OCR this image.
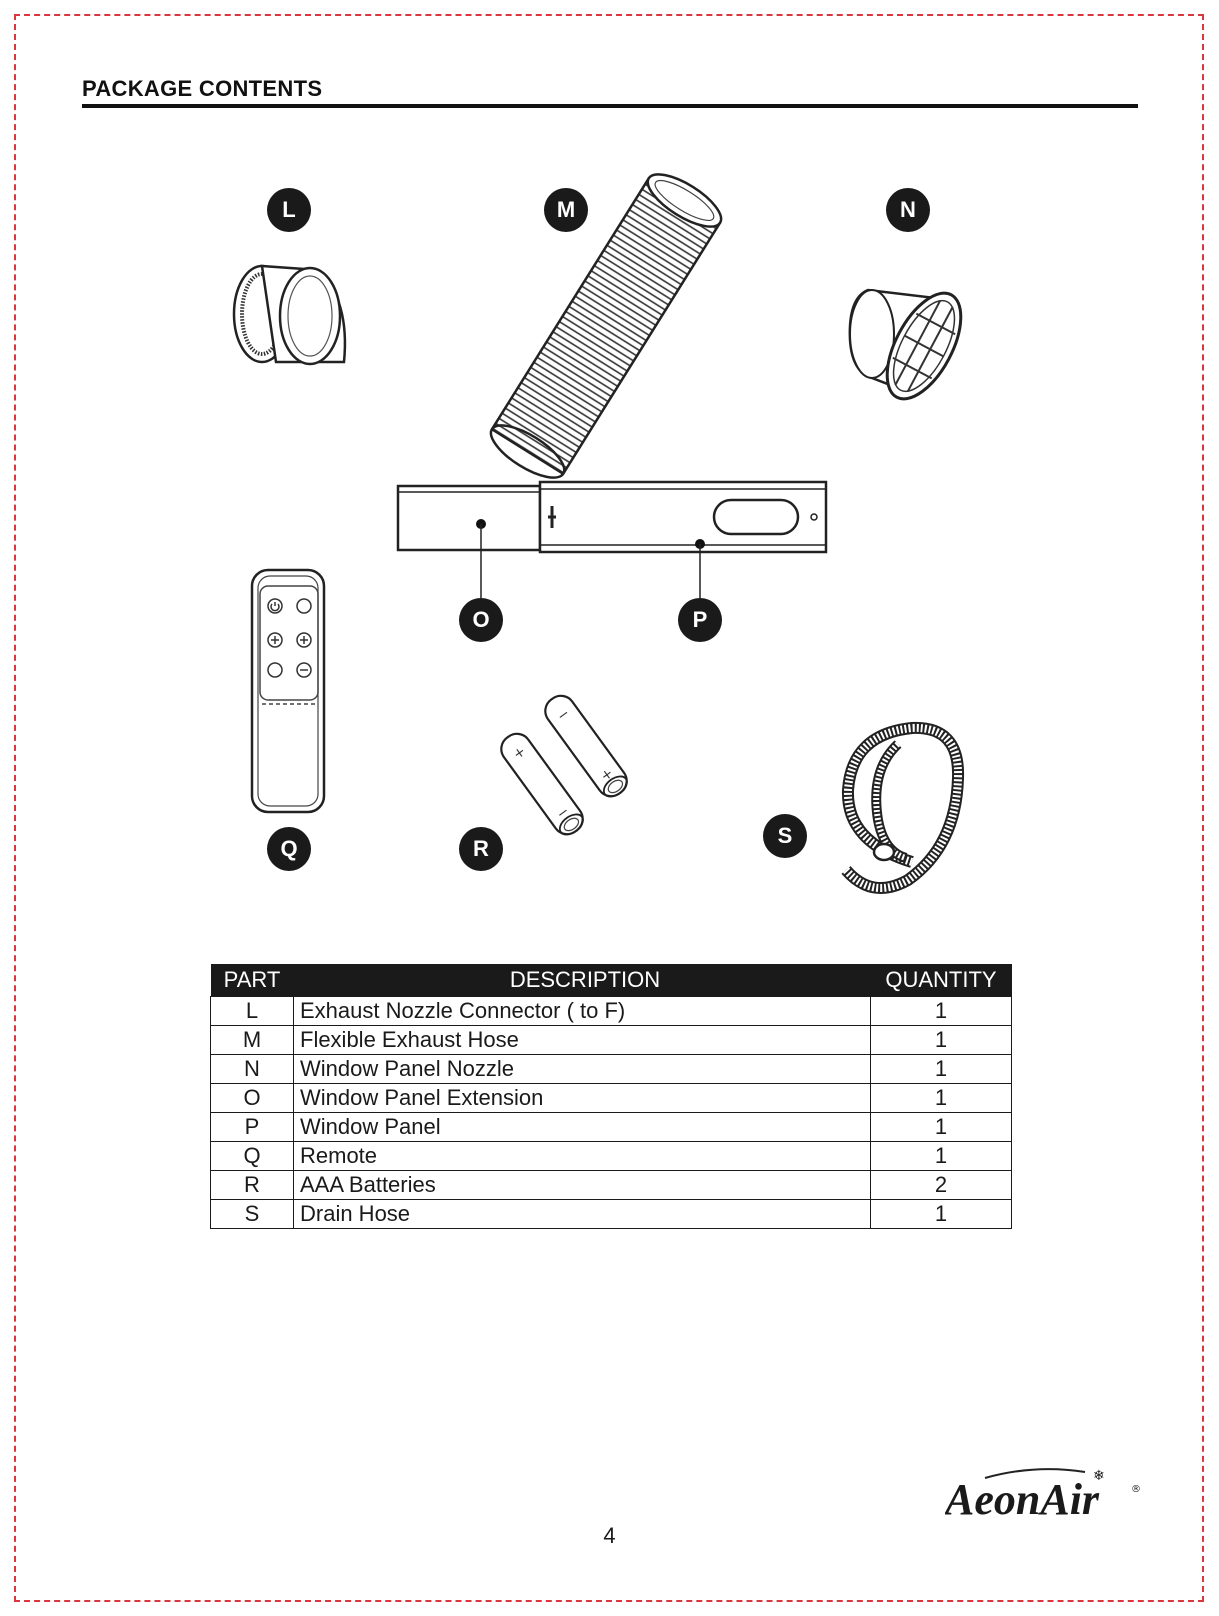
PACKAGE CONTENTS
+
−
−
+
L	M	N
O	P
Q	R
S
PART	DESCRIPTION	QUANTITY
L	Exhaust Nozzle Connector ( to F)	1
M	Flexible Exhaust Hose	1
N	Window Panel Nozzle	1
O	Window Panel Extension	1
P	Window Panel	1
Q	Remote	1
R	AAA Batteries	2
S	Drain Hose	1
AeonAir
❄
®
4
